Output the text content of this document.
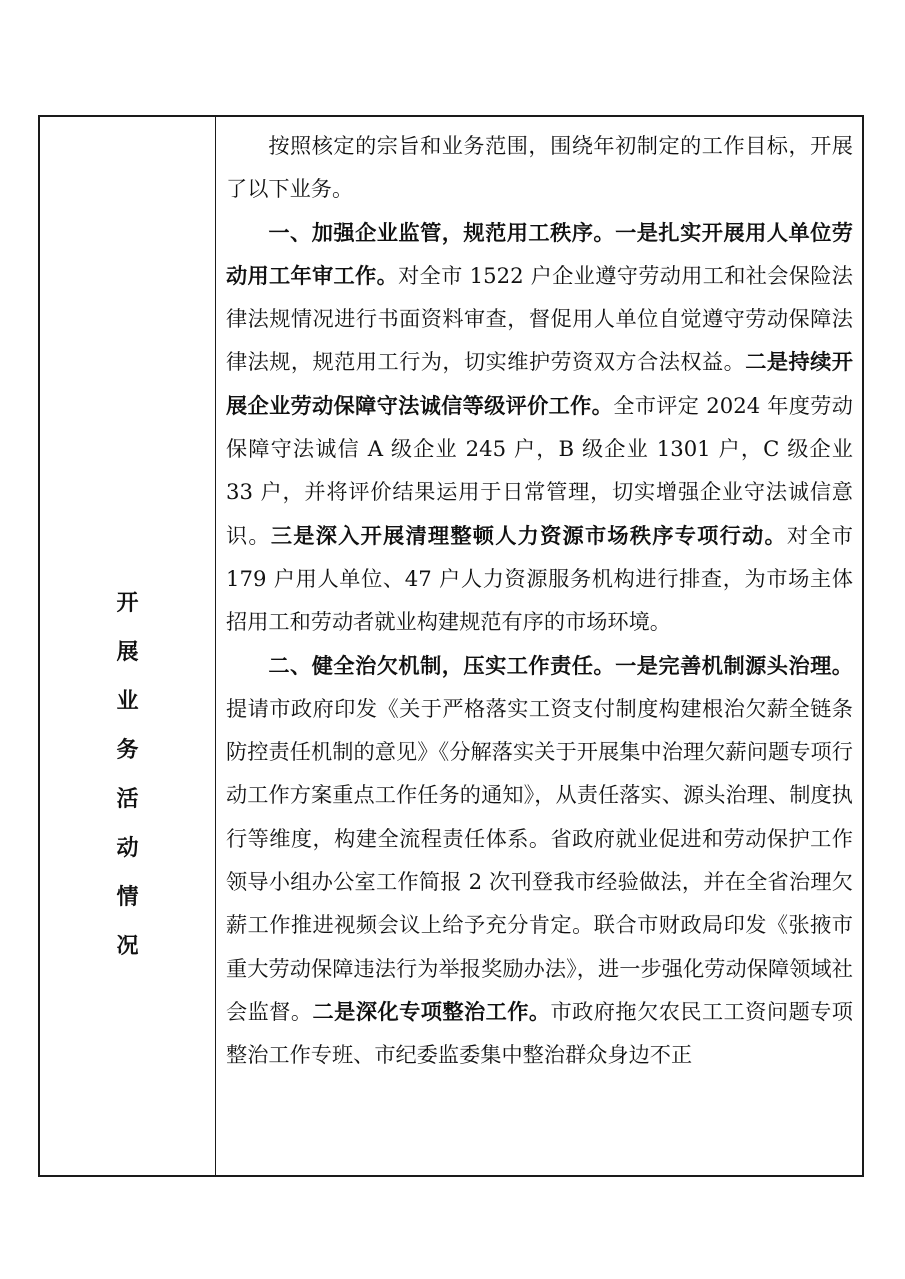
开
展
业
务
活
动
情
况

按照核定的宗旨和业务范围，围绕年初制定的工作目标，开展了以下业务。

一、加强企业监管，规范用工秩序。一是扎实开展用人单位劳动用工年审工作。对全市 1522 户企业遵守劳动用工和社会保险法律法规情况进行书面资料审查，督促用人单位自觉遵守劳动保障法律法规，规范用工行为，切实维护劳资双方合法权益。二是持续开展企业劳动保障守法诚信等级评价工作。全市评定 2024 年度劳动保障守法诚信 A 级企业 245 户，B 级企业 1301 户，C 级企业 33 户，并将评价结果运用于日常管理，切实增强企业守法诚信意识。三是深入开展清理整顿人力资源市场秩序专项行动。对全市 179 户用人单位、47 户人力资源服务机构进行排查，为市场主体招用工和劳动者就业构建规范有序的市场环境。

二、健全治欠机制，压实工作责任。一是完善机制源头治理。提请市政府印发《关于严格落实工资支付制度构建根治欠薪全链条防控责任机制的意见》《分解落实关于开展集中治理欠薪问题专项行动工作方案重点工作任务的通知》，从责任落实、源头治理、制度执行等维度，构建全流程责任体系。省政府就业促进和劳动保护工作领导小组办公室工作简报 2 次刊登我市经验做法，并在全省治理欠薪工作推进视频会议上给予充分肯定。联合市财政局印发《张掖市重大劳动保障违法行为举报奖励办法》，进一步强化劳动保障领域社会监督。二是深化专项整治工作。市政府拖欠农民工工资问题专项整治工作专班、市纪委监委集中整治群众身边不正
